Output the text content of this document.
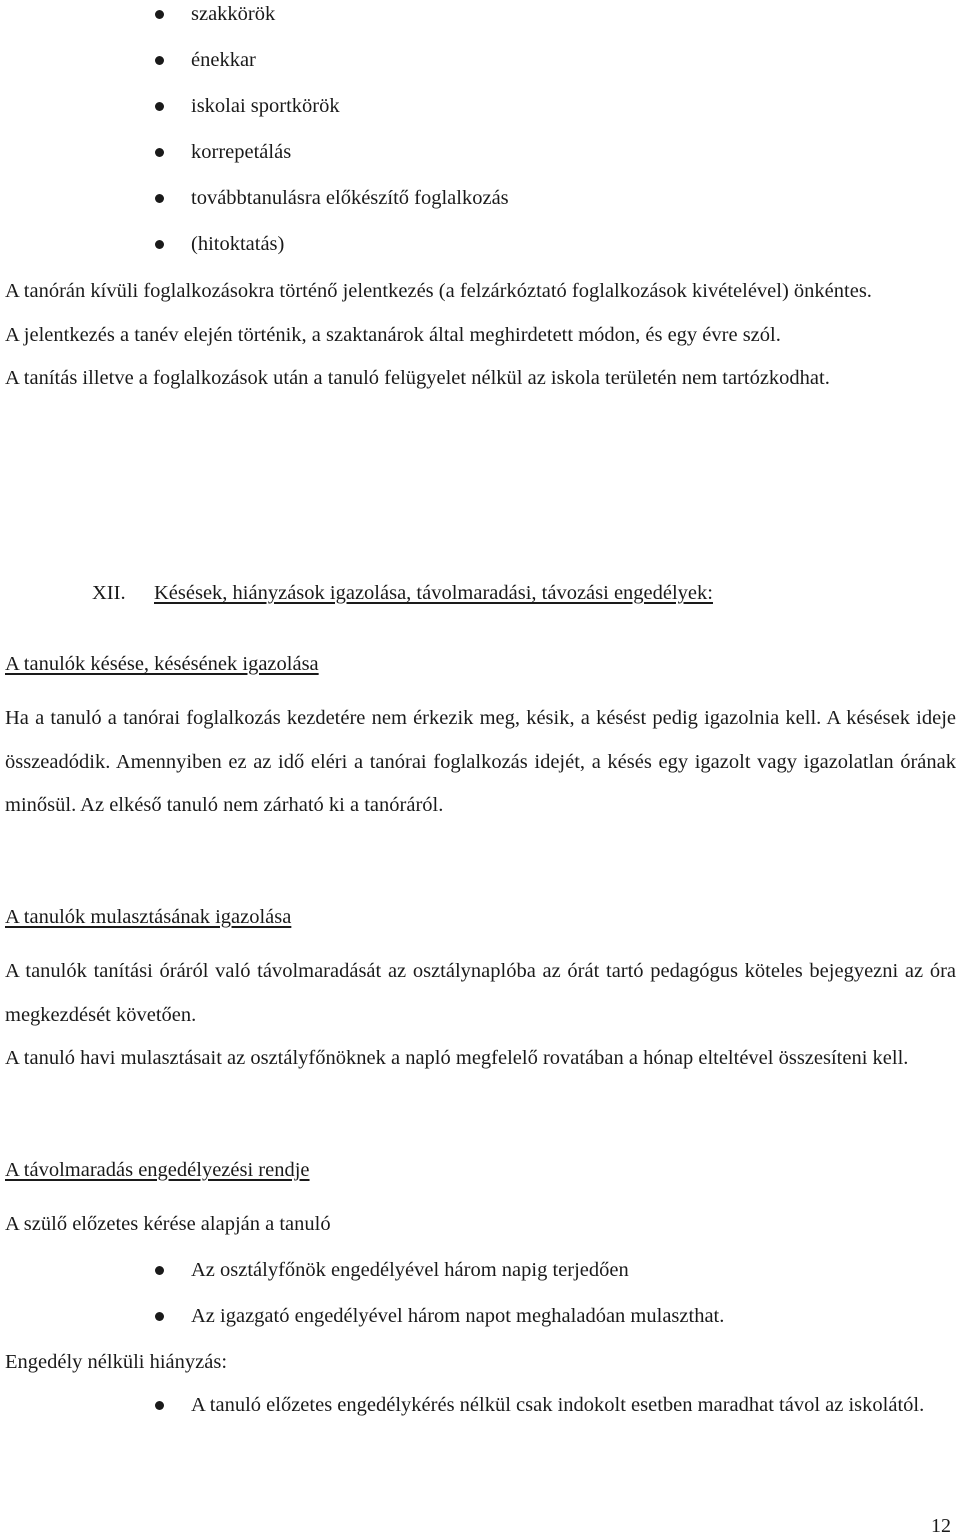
szakkörök
énekkar
iskolai sportkörök
korrepetálás
továbbtanulásra előkészítő foglalkozás
(hitoktatás)

A tanórán kívüli foglalkozásokra történő jelentkezés (a felzárkóztató foglalkozások kivételével) önkéntes.

A jelentkezés a tanév elején történik, a szaktanárok által meghirdetett módon, és egy évre szól.

A tanítás illetve a foglalkozások után a tanuló felügyelet nélkül az iskola területén nem tartózkodhat.

XII. Késések, hiányzások igazolása, távolmaradási, távozási engedélyek:
A tanulók késése, késésének igazolása

Ha a tanuló a tanórai foglalkozás kezdetére nem érkezik meg, késik, a késést pedig igazolnia kell. A késések ideje összeadódik. Amennyiben ez az idő eléri a tanórai foglalkozás idejét, a késés egy igazolt vagy igazolatlan órának minősül. Az elkéső tanuló nem zárható ki a tanóráról.

A tanulók mulasztásának igazolása

A tanulók tanítási óráról való távolmaradását az osztálynaplóba az órát tartó pedagógus köteles bejegyezni az óra megkezdését követően.

A tanuló havi mulasztásait az osztályfőnöknek a napló megfelelő rovatában a hónap elteltével összesíteni kell.

A távolmaradás engedélyezési rendje
A szülő előzetes kérése alapján a tanuló
Az osztályfőnök engedélyével három napig terjedően
Az igazgató engedélyével három napot meghaladóan mulaszthat.
Engedély nélküli hiányzás:
A tanuló előzetes engedélykérés nélkül csak indokolt esetben maradhat távol az iskolától.
12
